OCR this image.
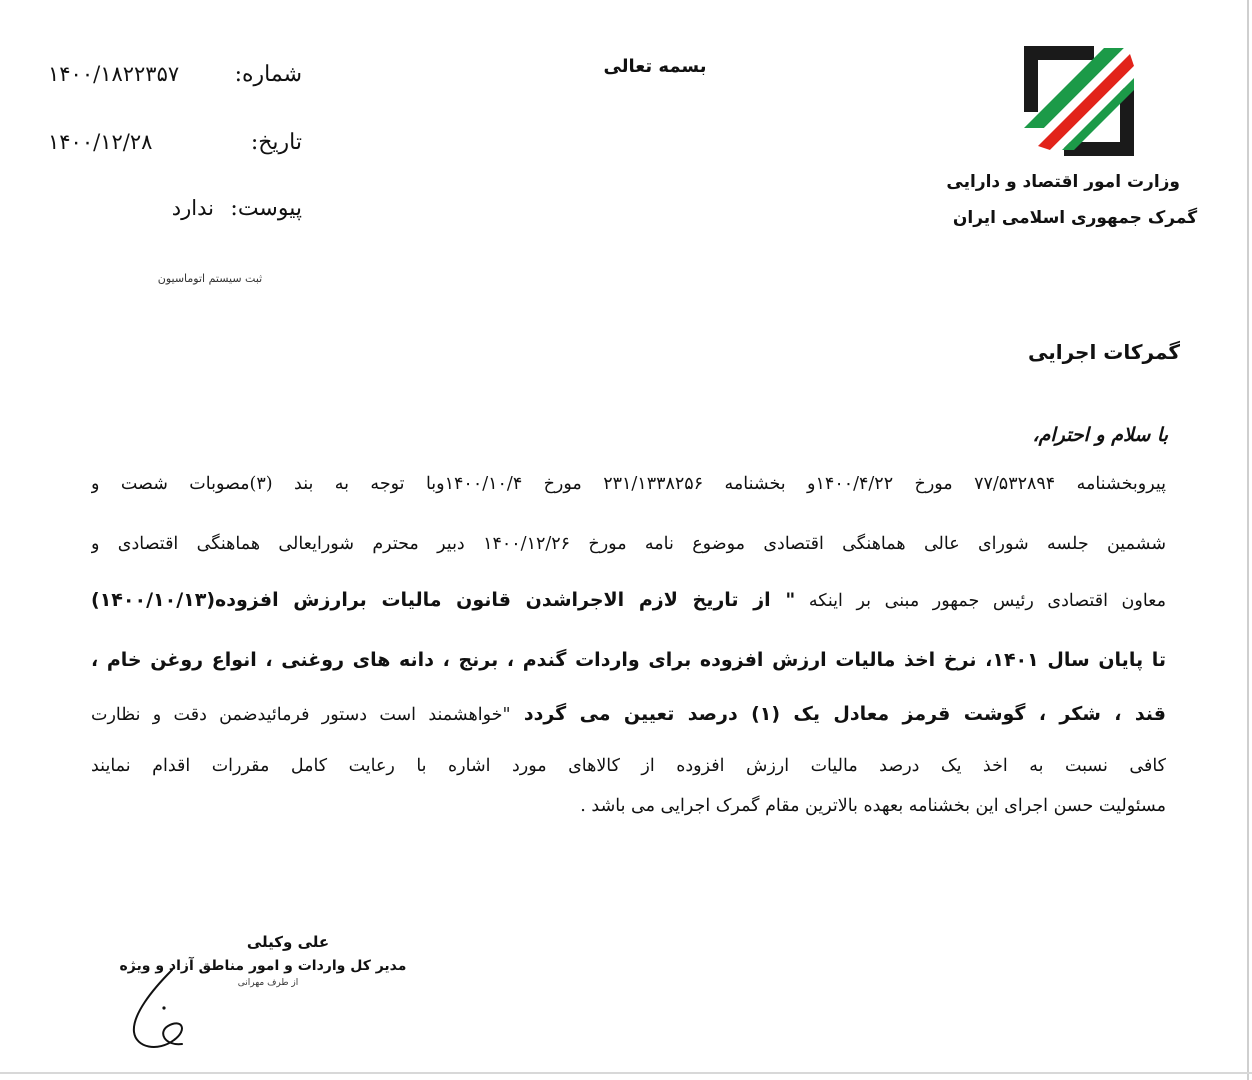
وزارت امور اقتصاد و دارایی
گمرک جمهوری اسلامی ایران
بسمه تعالی
شماره:
۱۴۰۰/۱۸۲۲۳۵۷
تاریخ:
۱۴۰۰/۱۲/۲۸
پیوست:
ندارد
ثبت سیستم اتوماسیون
گمرکات اجرایی
با سلام و احترام،
پیروبخشنامه ۷۷/۵۳۲۸۹۴ مورخ ۱۴۰۰/۴/۲۲و بخشنامه ۲۳۱/۱۳۳۸۲۵۶ مورخ ۱۴۰۰/۱۰/۴وبا توجه به بند (۳)مصوبات شصت و
ششمین جلسه شورای عالی هماهنگی اقتصادی موضوع نامه مورخ ۱۴۰۰/۱۲/۲۶ دبیر محترم شورایعالی هماهنگی اقتصادی و
معاون اقتصادی رئیس جمهور مبنی بر اینکه " از تاریخ لازم الاجراشدن قانون مالیات برارزش افزوده(۱۴۰۰/۱۰/۱۳)
تا پایان سال ۱۴۰۱، نرخ اخذ مالیات ارزش افزوده برای واردات گندم ، برنج ، دانه های روغنی ، انواع روغن خام ،
قند ، شکر ، گوشت قرمز معادل یک (۱) درصد تعیین می گردد "خواهشمند است دستور فرمائیدضمن دقت و نظارت
کافی نسبت به اخذ یک درصد مالیات ارزش افزوده از کالاهای مورد اشاره با رعایت کامل مقررات اقدام نمایند
مسئولیت حسن اجرای این بخشنامه بعهده بالاترین مقام گمرک اجرایی می باشد .
علی وکیلی
مدیر کل واردات و امور مناطق آزاد و ویژه
از طرف مهرانی
